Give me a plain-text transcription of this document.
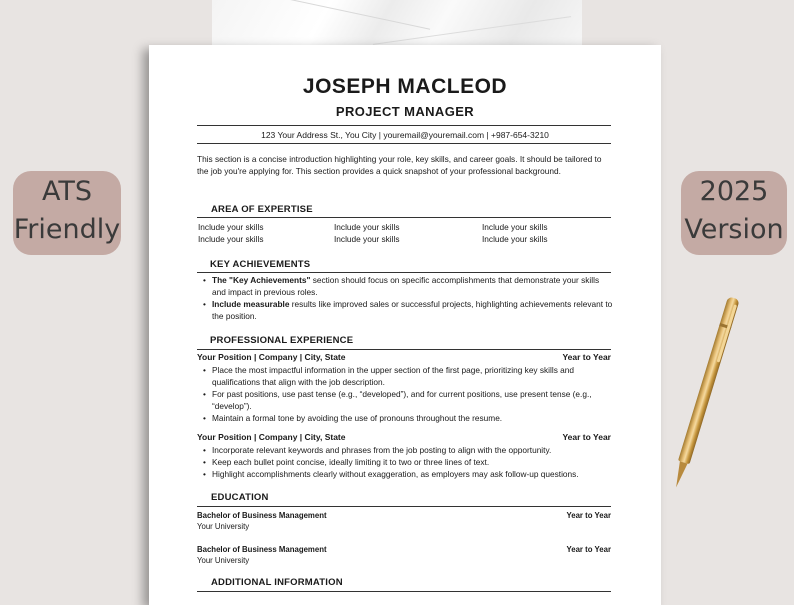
ATS
Friendly
2025
Version
JOSEPH MACLEOD
PROJECT MANAGER
123 Your Address St., You City | youremail@youremail.com | +987-654-3210
This section is a concise introduction highlighting your role, key skills, and career goals. It should be tailored to the job you're applying for. This section provides a quick snapshot of your professional background.
AREA OF EXPERTISE
Include your skills	Include your skills	Include your skills
Include your skills	Include your skills	Include your skills
KEY ACHIEVEMENTS
• The "Key Achievements" section should focus on specific accomplishments that demonstrate your skills and impact in previous roles.
• Include measurable results like improved sales or successful projects, highlighting achievements relevant to the position.
PROFESSIONAL EXPERIENCE
Your Position | Company | City, State	Year to Year
• Place the most impactful information in the upper section of the first page, prioritizing key skills and qualifications that align with the job description.
• For past positions, use past tense (e.g., “developed”), and for current positions, use present tense (e.g., “develop”).
• Maintain a formal tone by avoiding the use of pronouns throughout the resume.
Your Position | Company | City, State	Year to Year
• Incorporate relevant keywords and phrases from the job posting to align with the opportunity.
• Keep each bullet point concise, ideally limiting it to two or three lines of text.
• Highlight accomplishments clearly without exaggeration, as employers may ask follow-up questions.
EDUCATION
Bachelor of Business Management	Year to Year
Your University
Bachelor of Business Management	Year to Year
Your University
ADDITIONAL INFORMATION
